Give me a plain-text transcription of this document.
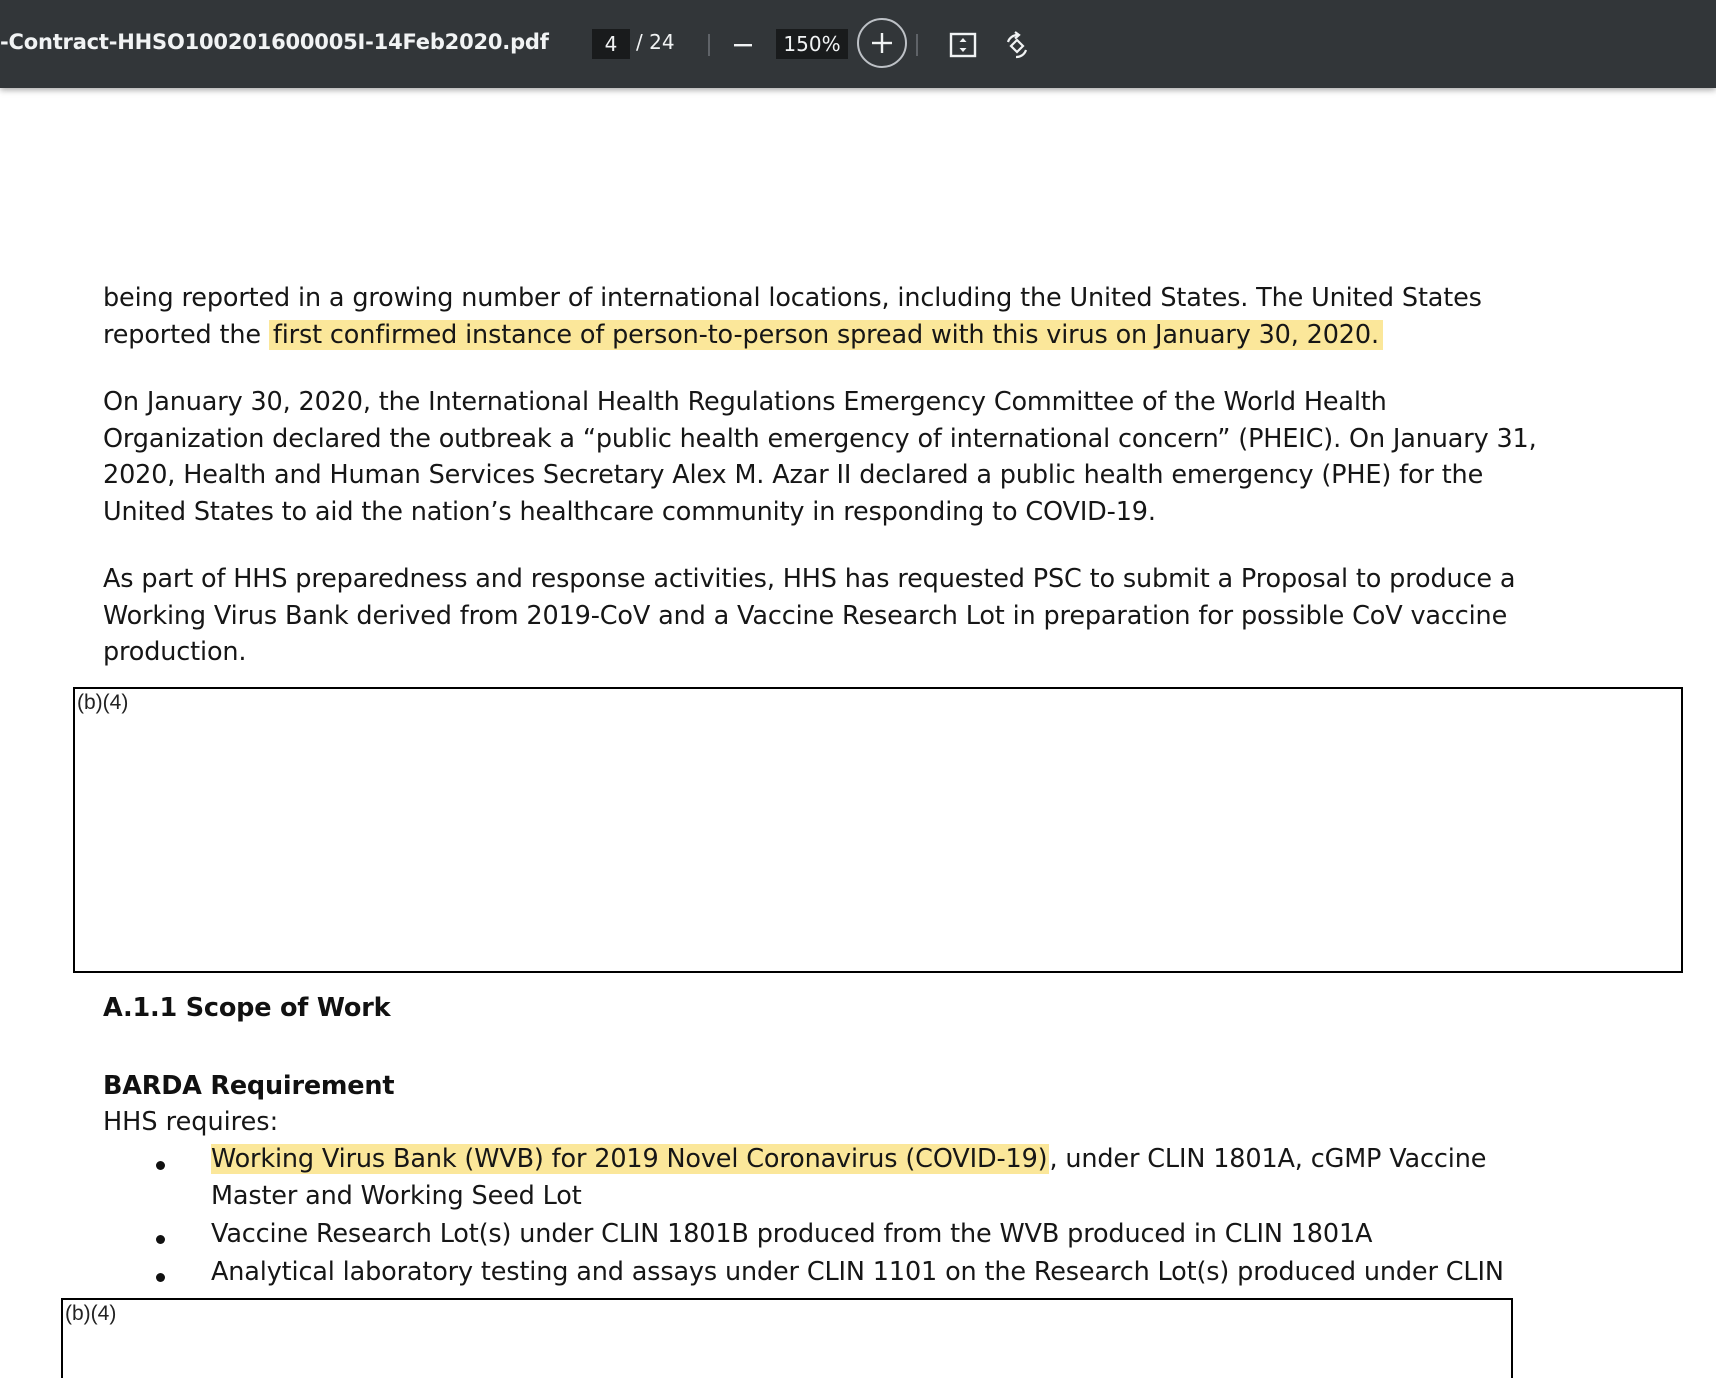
-Contract-HHSO100201600005I-14Feb2020.pdf	4 / 24	150%
being reported in a growing number of international locations, including the United States. The United States
reported the first confirmed instance of person-to-person spread with this virus on January 30, 2020.
On January 30, 2020, the International Health Regulations Emergency Committee of the World Health
Organization declared the outbreak a “public health emergency of international concern” (PHEIC). On January 31,
2020, Health and Human Services Secretary Alex M. Azar II declared a public health emergency (PHE) for the
United States to aid the nation’s healthcare community in responding to COVID-19.
As part of HHS preparedness and response activities, HHS has requested PSC to submit a Proposal to produce a
Working Virus Bank derived from 2019-CoV and a Vaccine Research Lot in preparation for possible CoV vaccine
production.
(b)(4)
A.1.1 Scope of Work
BARDA Requirement
HHS requires:
Working Virus Bank (WVB) for 2019 Novel Coronavirus (COVID-19), under CLIN 1801A, cGMP Vaccine
Master and Working Seed Lot
Vaccine Research Lot(s) under CLIN 1801B produced from the WVB produced in CLIN 1801A
Analytical laboratory testing and assays under CLIN 1101 on the Research Lot(s) produced under CLIN
(b)(4)
